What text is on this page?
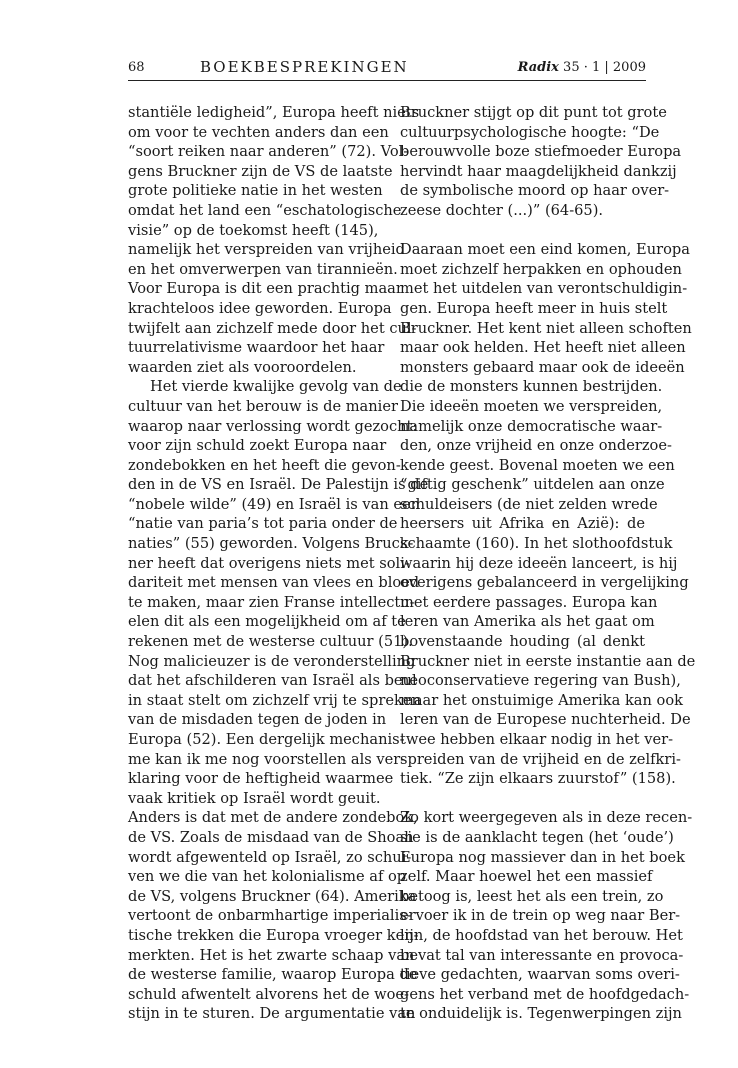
68	BOEKBESPREKINGEN	Radix 35 · 1 | 2009
stantiële ledigheid”, Europa heeft niets
om voor te vechten anders dan een
“soort reiken naar anderen” (72). Vol-
gens Bruckner zijn de VS de laatste
grote politieke natie in het westen
omdat het land een “eschatologische
visie” op de toekomst heeft (145),
namelijk het verspreiden van vrijheid
en het omverwerpen van tirannieën.
Voor Europa is dit een prachtig maar
krachteloos idee geworden. Europa
twijfelt aan zichzelf mede door het cul-
tuurrelativisme waardoor het haar
waarden ziet als vooroordelen.
Het vierde kwalijke gevolg van de
cultuur van het berouw is de manier
waarop naar verlossing wordt gezocht:
voor zijn schuld zoekt Europa naar
zondebokken en het heeft die gevon-
den in de VS en Israël. De Palestijn is de
“nobele wilde” (49) en Israël is van een
“natie van paria’s tot paria onder de
naties” (55) geworden. Volgens Bruck-
ner heeft dat overigens niets met soli-
dariteit met mensen van vlees en bloed
te maken, maar zien Franse intellectu-
elen dit als een mogelijkheid om af te
rekenen met de westerse cultuur (51).
Nog malicieuzer is de veronderstelling
dat het afschilderen van Israël als beul
in staat stelt om zichzelf vrij te spreken
van de misdaden tegen de joden in
Europa (52). Een dergelijk mechanis-
me kan ik me nog voorstellen als ver-
klaring voor de heftigheid waarmee
vaak kritiek op Israël wordt geuit.
Anders is dat met de andere zondebok,
de VS. Zoals de misdaad van de Shoah
wordt afgewenteld op Israël, zo schui-
ven we die van het kolonialisme af op
de VS, volgens Bruckner (64). Amerika
vertoont de onbarmhartige imperialis-
tische trekken die Europa vroeger ken-
merkten. Het is het zwarte schaap van
de westerse familie, waarop Europa de
schuld afwentelt alvorens het de woe-
stijn in te sturen. De argumentatie van
Bruckner stijgt op dit punt tot grote
cultuurpsychologische hoogte: “De
berouwvolle boze stiefmoeder Europa
hervindt haar maagdelijkheid dankzij
de symbolische moord op haar over-
zeese dochter (...)” (64-65).
Daaraan moet een eind komen, Europa
moet zichzelf herpakken en ophouden
met het uitdelen van verontschuldigin-
gen. Europa heeft meer in huis stelt
Bruckner. Het kent niet alleen schoften
maar ook helden. Het heeft niet alleen
monsters gebaard maar ook de ideeën
die de monsters kunnen bestrijden.
Die ideeën moeten we verspreiden,
namelijk onze democratische waar-
den, onze vrijheid en onze onderzoe-
kende geest. Bovenal moeten we een
“giftig geschenk” uitdelen aan onze
schuldeisers (de niet zelden wrede
heersers uit Afrika en Azië): de
schaamte (160). In het slothoofdstuk
waarin hij deze ideeën lanceert, is hij
overigens gebalanceerd in vergelijking
met eerdere passages. Europa kan
leren van Amerika als het gaat om
bovenstaande houding (al denkt
Bruckner niet in eerste instantie aan de
neoconservatieve regering van Bush),
maar het onstuimige Amerika kan ook
leren van de Europese nuchterheid. De
twee hebben elkaar nodig in het ver-
spreiden van de vrijheid en de zelfkri-
tiek. “Ze zijn elkaars zuurstof” (158).
Zo kort weergegeven als in deze recen-
sie is de aanklacht tegen (het ‘oude’)
Europa nog massiever dan in het boek
zelf. Maar hoewel het een massief
betoog is, leest het als een trein, zo
ervoer ik in de trein op weg naar Ber-
lijn, de hoofdstad van het berouw. Het
bevat tal van interessante en provoca-
tieve gedachten, waarvan soms overi-
gens het verband met de hoofdgedach-
te onduidelijk is. Tegenwerpingen zijn
